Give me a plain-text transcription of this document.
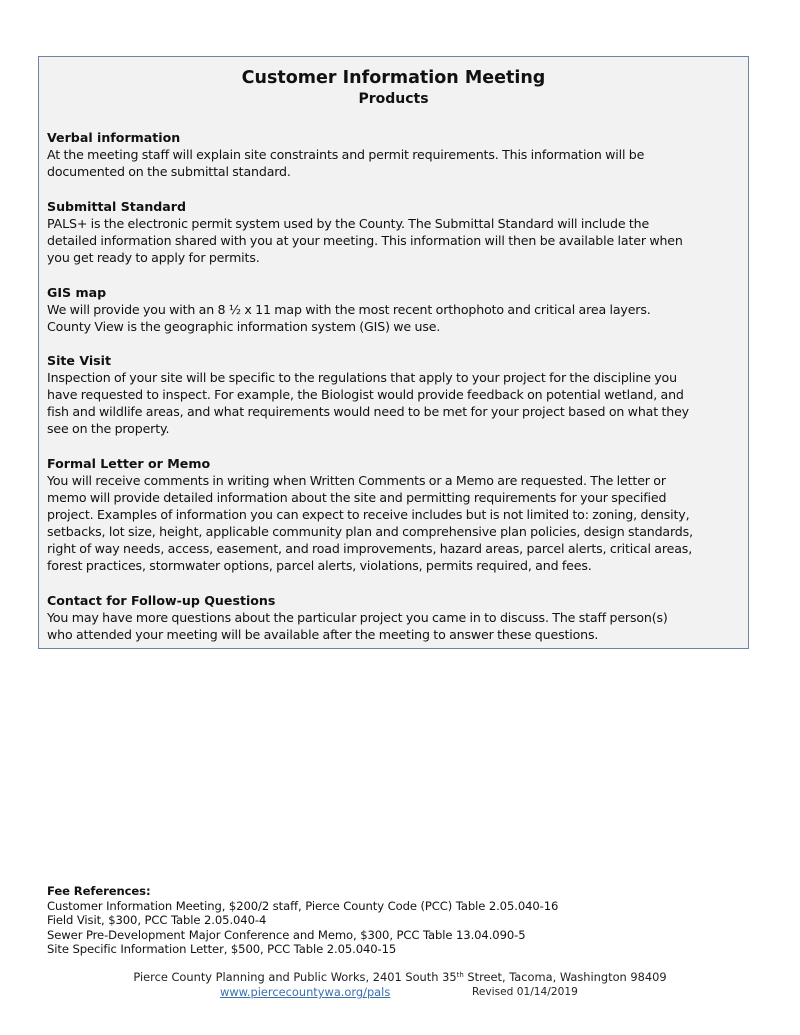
Customer Information Meeting
Products
Verbal information
At the meeting staff will explain site constraints and permit requirements. This information will be
documented on the submittal standard.
Submittal Standard
PALS+ is the electronic permit system used by the County. The Submittal Standard will include the
detailed information shared with you at your meeting. This information will then be available later when
you get ready to apply for permits.
GIS map
We will provide you with an 8 ½ x 11 map with the most recent orthophoto and critical area layers.
County View is the geographic information system (GIS) we use.
Site Visit
Inspection of your site will be specific to the regulations that apply to your project for the discipline you
have requested to inspect. For example, the Biologist would provide feedback on potential wetland, and
fish and wildlife areas, and what requirements would need to be met for your project based on what they
see on the property.
Formal Letter or Memo
You will receive comments in writing when Written Comments or a Memo are requested. The letter or
memo will provide detailed information about the site and permitting requirements for your specified
project. Examples of information you can expect to receive includes but is not limited to: zoning, density,
setbacks, lot size, height, applicable community plan and comprehensive plan policies, design standards,
right of way needs, access, easement, and road improvements, hazard areas, parcel alerts, critical areas,
forest practices, stormwater options, parcel alerts, violations, permits required, and fees.
Contact for Follow-up Questions
You may have more questions about the particular project you came in to discuss. The staff person(s)
who attended your meeting will be available after the meeting to answer these questions.
Fee References:
Customer Information Meeting, $200/2 staff, Pierce County Code (PCC) Table 2.05.040-16
Field Visit, $300, PCC Table 2.05.040-4
Sewer Pre-Development Major Conference and Memo, $300, PCC Table 13.04.090-5
Site Specific Information Letter, $500, PCC Table 2.05.040-15
Pierce County Planning and Public Works, 2401 South 35th Street, Tacoma, Washington 98409
www.piercecountywa.org/pals	Revised 01/14/2019
